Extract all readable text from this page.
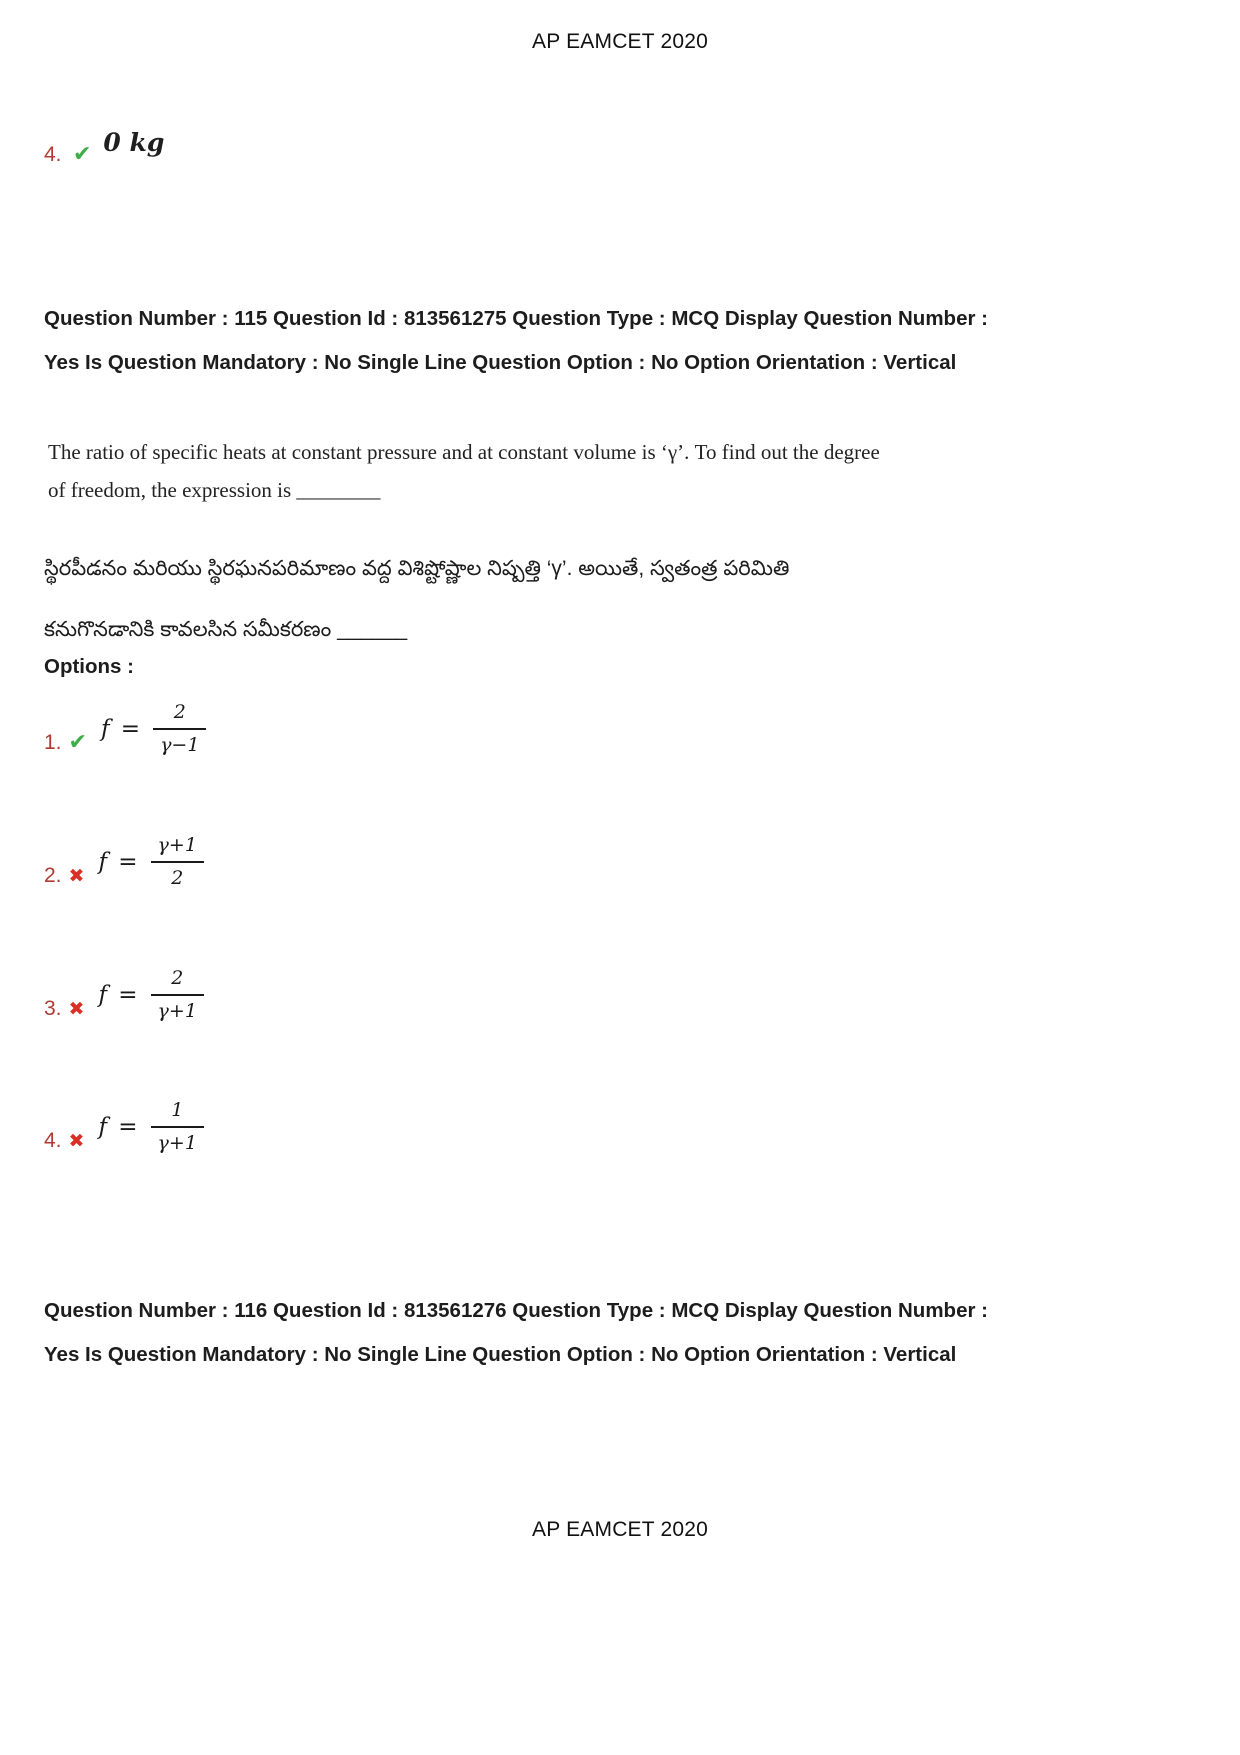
AP EAMCET 2020
4. ✔ 0 kg
Question Number : 115 Question Id : 813561275 Question Type : MCQ Display Question Number : Yes Is Question Mandatory : No Single Line Question Option : No Option Orientation : Vertical
The ratio of specific heats at constant pressure and at constant volume is ‘γ’. To find out the degree of freedom, the expression is ________
స్థిరపీడనం మరియు స్థిరఘనపరిమాణం వద్ద విశిష్టోష్ణాల నిష్పత్తి ‘γ’. అయితే, స్వతంత్ర పరిమితి
కనుగొనడానికి కావలసిన సమీకరణం ______
Options :
1. ✔
$f = \frac{2}{\gamma-1}$
2. ✖
$f = \frac{\gamma+1}{2}$
3. ✖
$f = \frac{2}{\gamma+1}$
4. ✖
$f = \frac{1}{\gamma+1}$
Question Number : 116 Question Id : 813561276 Question Type : MCQ Display Question Number : Yes Is Question Mandatory : No Single Line Question Option : No Option Orientation : Vertical
AP EAMCET 2020
